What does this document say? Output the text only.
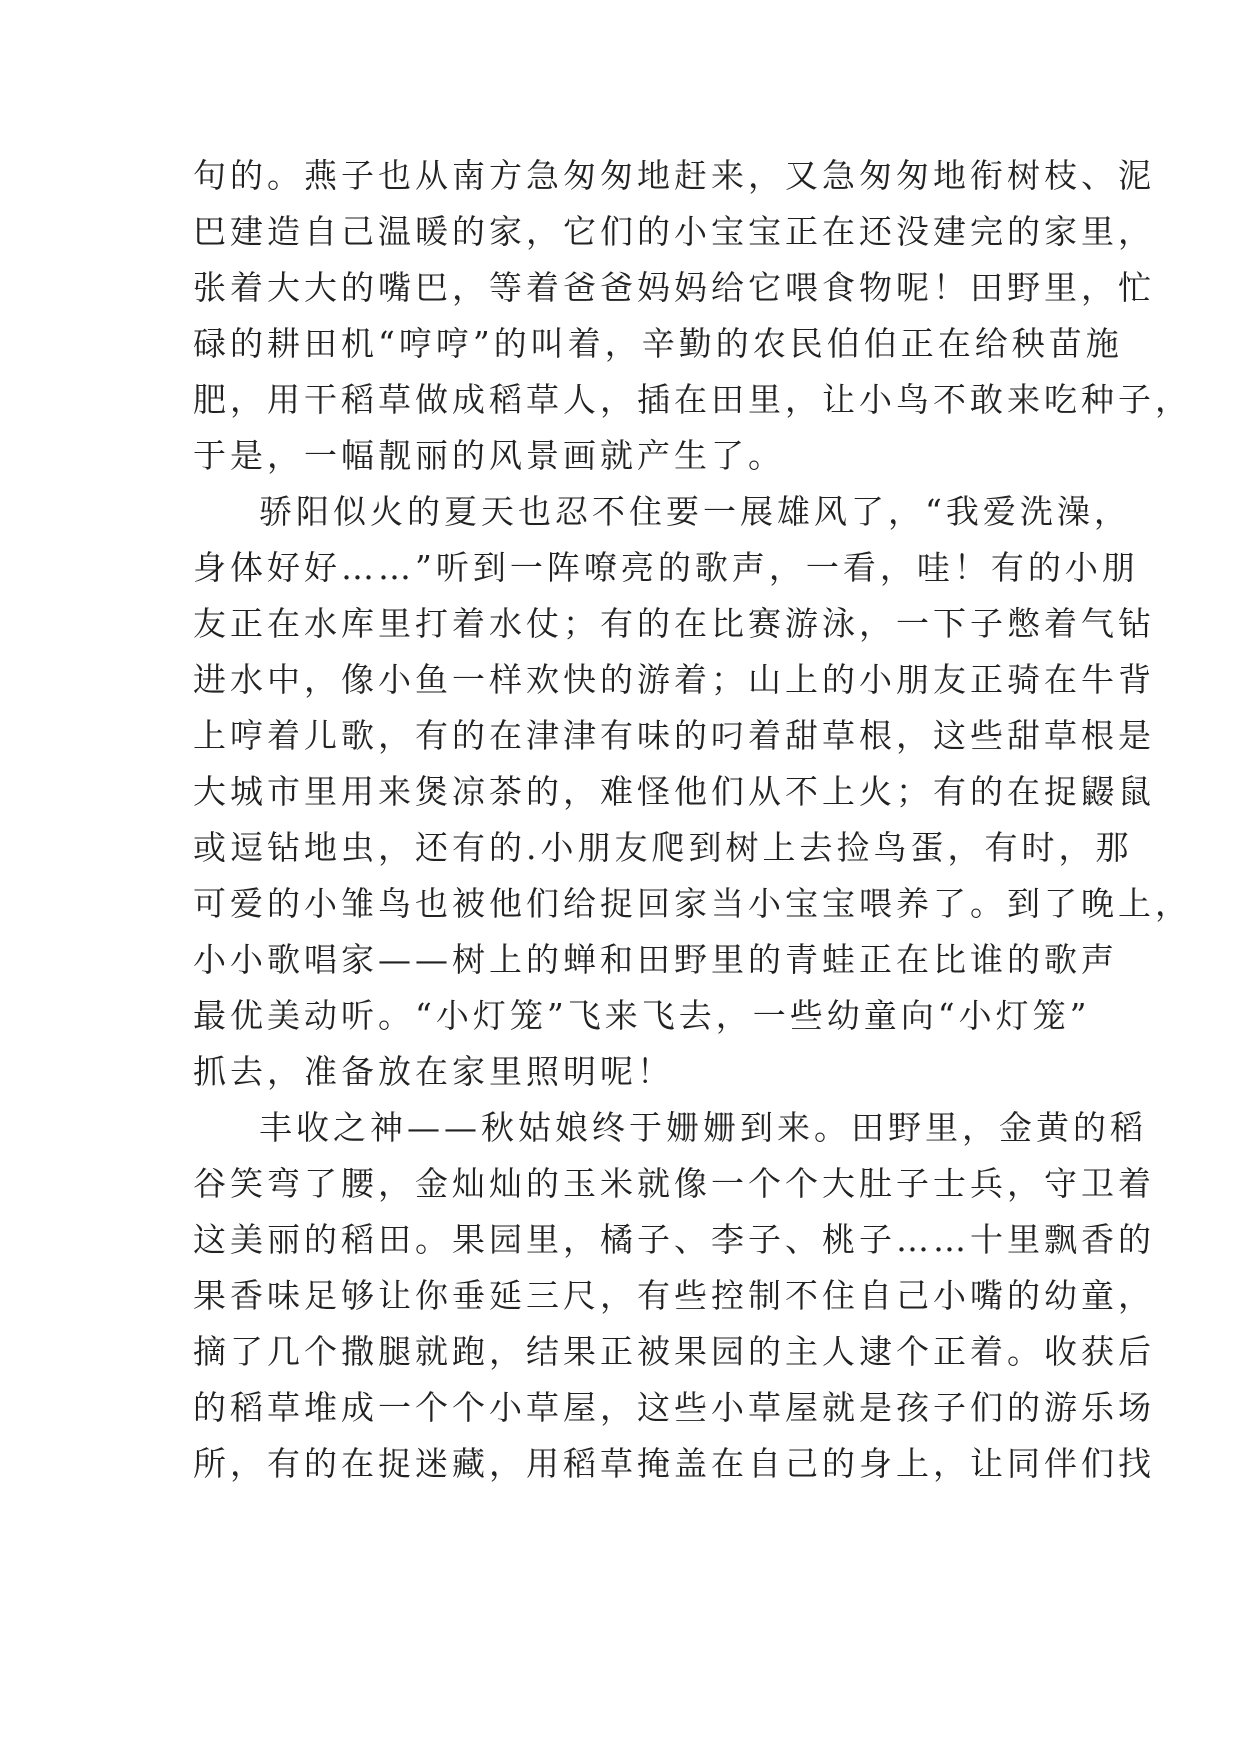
句的。燕子也从南方急匆匆地赶来，又急匆匆地衔树枝、泥
巴建造自己温暖的家，它们的小宝宝正在还没建完的家里，
张着大大的嘴巴，等着爸爸妈妈给它喂食物呢！田野里，忙
碌的耕田机“哼哼”的叫着，辛勤的农民伯伯正在给秧苗施
肥，用干稻草做成稻草人，插在田里，让小鸟不敢来吃种子，
于是，一幅靓丽的风景画就产生了。
骄阳似火的夏天也忍不住要一展雄风了，“我爱洗澡，
身体好好……”听到一阵嘹亮的歌声，一看，哇！有的小朋
友正在水库里打着水仗；有的在比赛游泳，一下子憋着气钻
进水中，像小鱼一样欢快的游着；山上的小朋友正骑在牛背
上哼着儿歌，有的在津津有味的叼着甜草根，这些甜草根是
大城市里用来煲凉茶的，难怪他们从不上火；有的在捉鼹鼠
或逗钻地虫，还有的.小朋友爬到树上去捡鸟蛋，有时，那
可爱的小雏鸟也被他们给捉回家当小宝宝喂养了。到了晚上，
小小歌唱家——树上的蝉和田野里的青蛙正在比谁的歌声
最优美动听。“小灯笼”飞来飞去，一些幼童向“小灯笼”
抓去，准备放在家里照明呢！
丰收之神——秋姑娘终于姗姗到来。田野里，金黄的稻
谷笑弯了腰，金灿灿的玉米就像一个个大肚子士兵，守卫着
这美丽的稻田。果园里，橘子、李子、桃子……十里飘香的
果香味足够让你垂延三尺，有些控制不住自己小嘴的幼童，
摘了几个撒腿就跑，结果正被果园的主人逮个正着。收获后
的稻草堆成一个个小草屋，这些小草屋就是孩子们的游乐场
所，有的在捉迷藏，用稻草掩盖在自己的身上，让同伴们找
